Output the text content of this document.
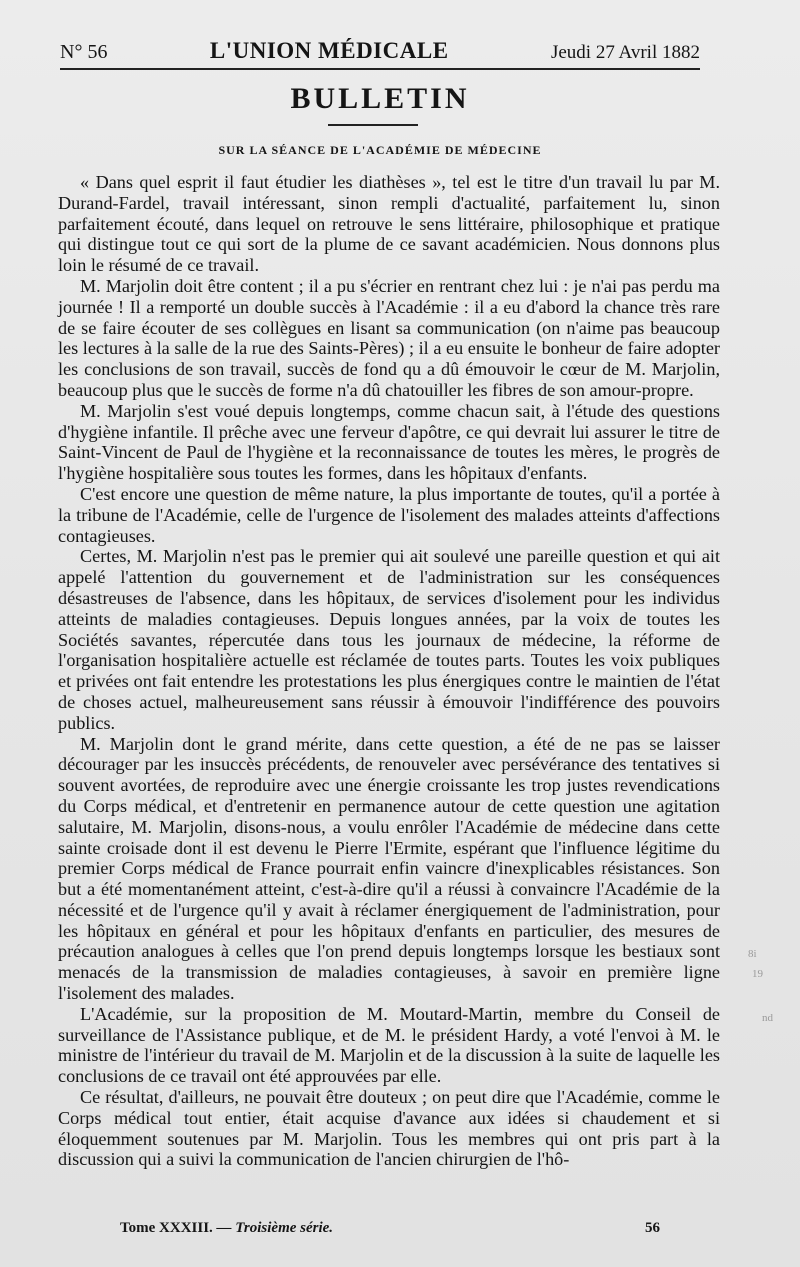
N° 56	L'UNION MÉDICALE	Jeudi 27 Avril 1882
BULLETIN
SUR LA SÉANCE DE L'ACADÉMIE DE MÉDECINE

« Dans quel esprit il faut étudier les diathèses », tel est le titre d'un travail lu par M. Durand-Fardel, travail intéressant, sinon rempli d'actualité, parfaitement lu, sinon parfaitement écouté, dans lequel on retrouve le sens littéraire, philosophique et pratique qui distingue tout ce qui sort de la plume de ce savant académicien. Nous donnons plus loin le résumé de ce travail.

M. Marjolin doit être content ; il a pu s'écrier en rentrant chez lui : je n'ai pas perdu ma journée ! Il a remporté un double succès à l'Académie : il a eu d'abord la chance très rare de se faire écouter de ses collègues en lisant sa communication (on n'aime pas beaucoup les lectures à la salle de la rue des Saints-Pères) ; il a eu ensuite le bonheur de faire adopter les conclusions de son travail, succès de fond qu a dû émouvoir le cœur de M. Marjolin, beaucoup plus que le succès de forme n'a dû chatouiller les fibres de son amour-propre.

M. Marjolin s'est voué depuis longtemps, comme chacun sait, à l'étude des questions d'hygiène infantile. Il prêche avec une ferveur d'apôtre, ce qui devrait lui assurer le titre de Saint-Vincent de Paul de l'hygiène et la reconnaissance de toutes les mères, le progrès de l'hygiène hospitalière sous toutes les formes, dans les hôpitaux d'enfants.

C'est encore une question de même nature, la plus importante de toutes, qu'il a portée à la tribune de l'Académie, celle de l'urgence de l'isolement des malades atteints d'affections contagieuses.

Certes, M. Marjolin n'est pas le premier qui ait soulevé une pareille question et qui ait appelé l'attention du gouvernement et de l'administration sur les conséquences désastreuses de l'absence, dans les hôpitaux, de services d'isolement pour les individus atteints de maladies contagieuses. Depuis longues années, par la voix de toutes les Sociétés savantes, répercutée dans tous les journaux de médecine, la réforme de l'organisation hospitalière actuelle est réclamée de toutes parts. Toutes les voix publiques et privées ont fait entendre les protestations les plus énergiques contre le maintien de l'état de choses actuel, malheureusement sans réussir à émouvoir l'indifférence des pouvoirs publics.

M. Marjolin dont le grand mérite, dans cette question, a été de ne pas se laisser décourager par les insuccès précédents, de renouveler avec persévérance des tentatives si souvent avortées, de reproduire avec une énergie croissante les trop justes revendications du Corps médical, et d'entretenir en permanence autour de cette question une agitation salutaire, M. Marjolin, disons-nous, a voulu enrôler l'Académie de médecine dans cette sainte croisade dont il est devenu le Pierre l'Ermite, espérant que l'influence légitime du premier Corps médical de France pourrait enfin vaincre d'inexplicables résistances. Son but a été momentanément atteint, c'est-à-dire qu'il a réussi à convaincre l'Académie de la nécessité et de l'urgence qu'il y avait à réclamer énergiquement de l'administration, pour les hôpitaux en général et pour les hôpitaux d'enfants en particulier, des mesures de précaution analogues à celles que l'on prend depuis longtemps lorsque les bestiaux sont menacés de la transmission de maladies contagieuses, à savoir en première ligne l'isolement des malades.

L'Académie, sur la proposition de M. Moutard-Martin, membre du Conseil de surveillance de l'Assistance publique, et de M. le président Hardy, a voté l'envoi à M. le ministre de l'intérieur du travail de M. Marjolin et de la discussion à la suite de laquelle les conclusions de ce travail ont été approuvées par elle.

Ce résultat, d'ailleurs, ne pouvait être douteux ; on peut dire que l'Académie, comme le Corps médical tout entier, était acquise d'avance aux idées si chaudement et si éloquemment soutenues par M. Marjolin. Tous les membres qui ont pris part à la discussion qui a suivi la communication de l'ancien chirurgien de l'hô-

8i
19
nd
Tome XXXIII. — Troisième série.	56
